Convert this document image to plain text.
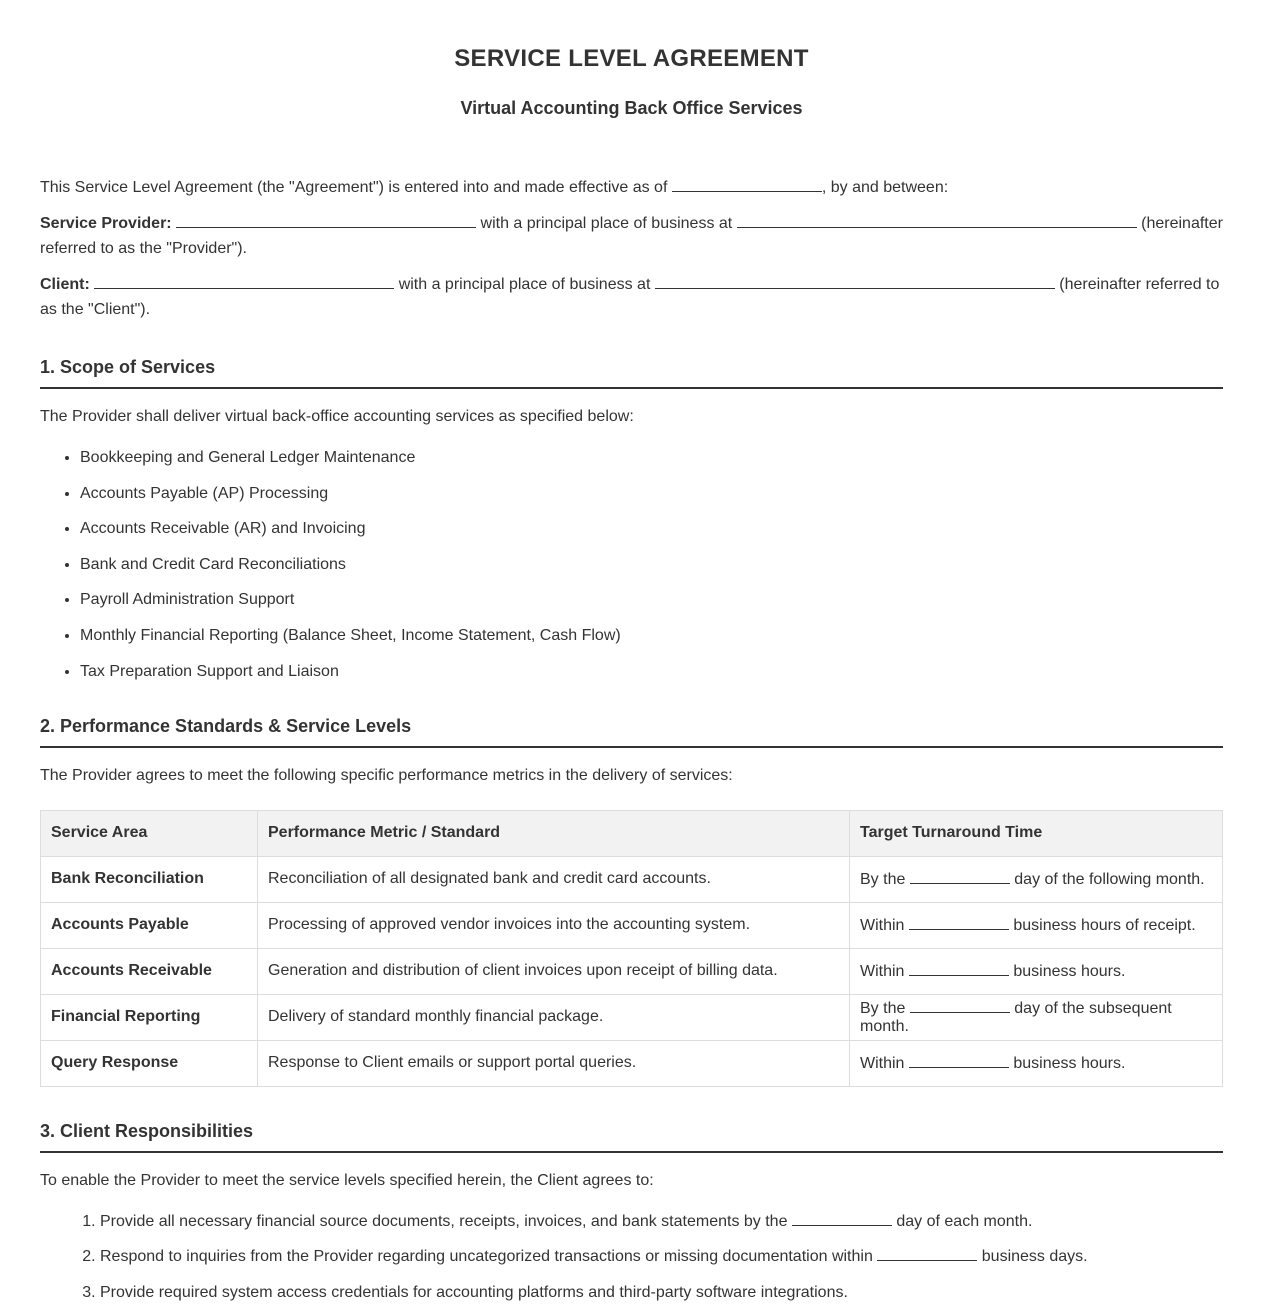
SERVICE LEVEL AGREEMENT
Virtual Accounting Back Office Services

This Service Level Agreement (the "Agreement") is entered into and made effective as of	, by and between:

Service Provider:	with a principal place of business at	(hereinafter referred to as the "Provider").

Client:	with a principal place of business at	(hereinafter referred to as the "Client").

1. Scope of Services

The Provider shall deliver virtual back-office accounting services as specified below:

• Bookkeeping and General Ledger Maintenance
• Accounts Payable (AP) Processing
• Accounts Receivable (AR) and Invoicing
• Bank and Credit Card Reconciliations
• Payroll Administration Support
• Monthly Financial Reporting (Balance Sheet, Income Statement, Cash Flow)
• Tax Preparation Support and Liaison
2. Performance Standards & Service Levels

The Provider agrees to meet the following specific performance metrics in the delivery of services:

Service Area	Performance Metric / Standard	Target Turnaround Time
Bank Reconciliation	Reconciliation of all designated bank and credit card accounts.	By the day of the following month.
Accounts Payable	Processing of approved vendor invoices into the accounting system.	Within business hours of receipt.
Accounts Receivable	Generation and distribution of client invoices upon receipt of billing data.	Within business hours.
Financial Reporting	Delivery of standard monthly financial package.	By the day of the subsequent month.
Query Response	Response to Client emails or support portal queries.	Within business hours.
3. Client Responsibilities

To enable the Provider to meet the service levels specified herein, the Client agrees to:

1. Provide all necessary financial source documents, receipts, invoices, and bank statements by the	day of each month.
2. Respond to inquiries from the Provider regarding uncategorized transactions or missing documentation within	business days.
3. Provide required system access credentials for accounting platforms and third-party software integrations.
